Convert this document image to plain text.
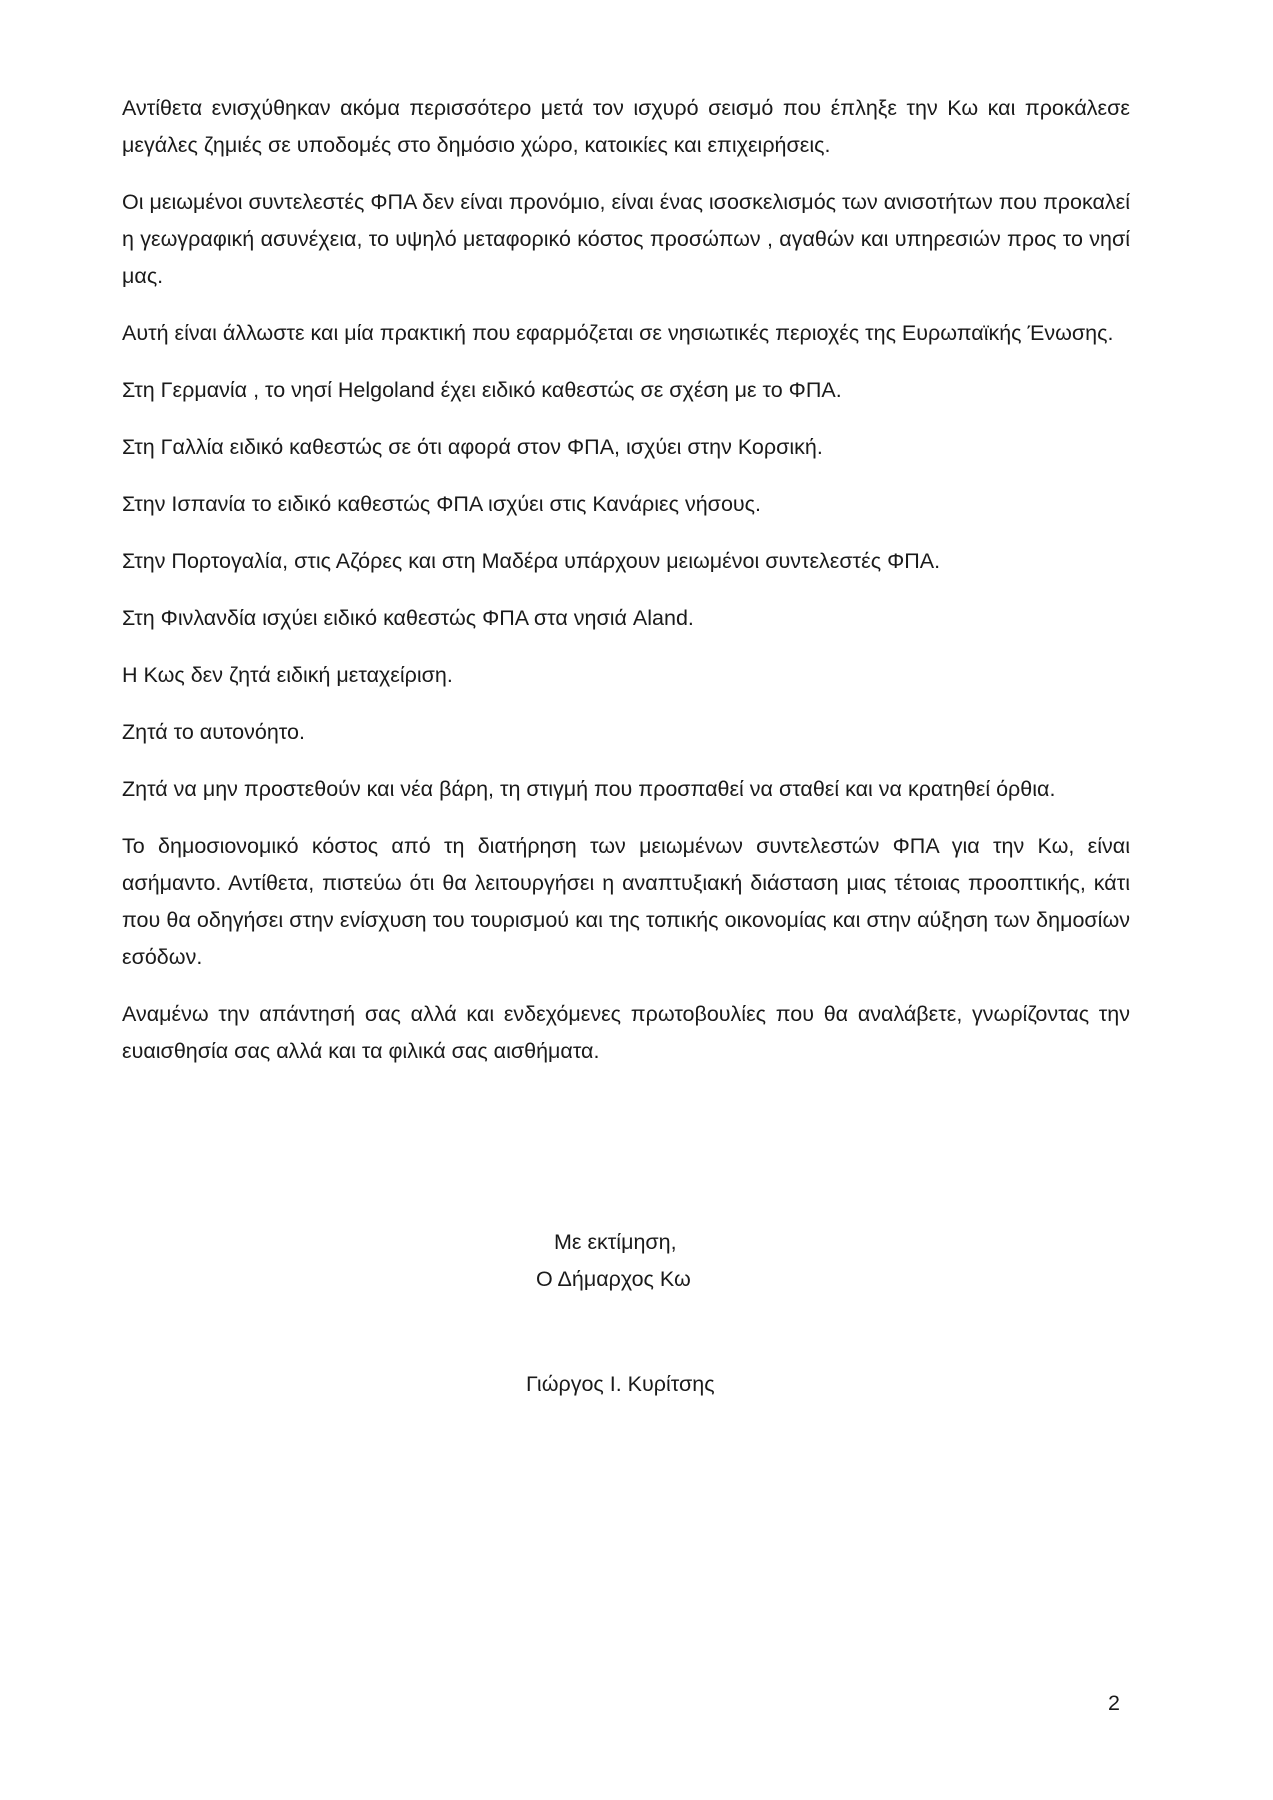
Αντίθετα ενισχύθηκαν ακόμα περισσότερο μετά τον ισχυρό σεισμό που έπληξε την Κω και προκάλεσε μεγάλες ζημιές σε υποδομές στο δημόσιο χώρο, κατοικίες και επιχειρήσεις.

Οι μειωμένοι συντελεστές ΦΠΑ δεν είναι προνόμιο, είναι ένας ισοσκελισμός των ανισοτήτων που προκαλεί η γεωγραφική ασυνέχεια, το υψηλό μεταφορικό κόστος προσώπων , αγαθών και υπηρεσιών προς το νησί μας.

Αυτή είναι άλλωστε και μία πρακτική που εφαρμόζεται σε νησιωτικές περιοχές της Ευρωπαϊκής Ένωσης.

Στη Γερμανία , το νησί Helgoland έχει ειδικό καθεστώς σε σχέση με το ΦΠΑ.

Στη Γαλλία ειδικό καθεστώς σε ότι αφορά στον ΦΠΑ, ισχύει στην Κορσική.

Στην Ισπανία το ειδικό καθεστώς ΦΠΑ ισχύει στις Κανάριες νήσους.

Στην Πορτογαλία, στις Αζόρες και στη Μαδέρα υπάρχουν μειωμένοι συντελεστές ΦΠΑ.

Στη Φινλανδία ισχύει ειδικό καθεστώς ΦΠΑ στα νησιά Aland.

Η Κως δεν ζητά ειδική μεταχείριση.

Ζητά το αυτονόητο.

Ζητά να μην προστεθούν και νέα βάρη, τη στιγμή που προσπαθεί να σταθεί και να κρατηθεί όρθια.

Το δημοσιονομικό κόστος από τη διατήρηση των μειωμένων συντελεστών ΦΠΑ για την Κω, είναι ασήμαντο. Αντίθετα, πιστεύω ότι θα λειτουργήσει η αναπτυξιακή διάσταση μιας τέτοιας προοπτικής, κάτι που θα οδηγήσει στην ενίσχυση του τουρισμού και της τοπικής οικονομίας και στην αύξηση των δημοσίων εσόδων.

Αναμένω την απάντησή σας αλλά και ενδεχόμενες πρωτοβουλίες που θα αναλάβετε, γνωρίζοντας την ευαισθησία σας αλλά και τα φιλικά σας αισθήματα.

Με εκτίμηση,
Ο Δήμαρχος Κω
Γιώργος Ι. Κυρίτσης
2
